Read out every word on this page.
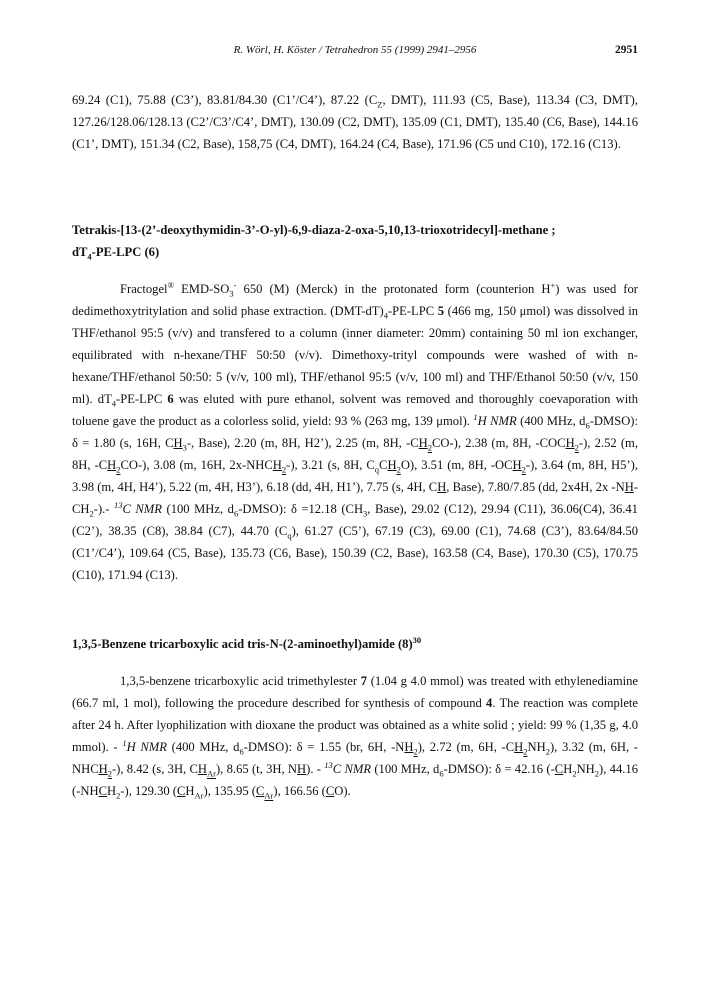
R. Wörl, H. Köster / Tetrahedron 55 (1999) 2941–2956	2951
69.24 (C1), 75.88 (C3’), 83.81/84.30 (C1’/C4’), 87.22 ($C_Z$, DMT), 111.93 (C5, Base), 113.34 (C3, DMT), 127.26/128.06/128.13 (C2’/C3’/C4’, DMT), 130.09 (C2, DMT), 135.09 (C1, DMT), 135.40 (C6, Base), 144.16 (C1’, DMT), 151.34 (C2, Base), 158,75 (C4, DMT), 164.24 (C4, Base), 171.96 (C5 und C10), 172.16 (C13).
Tetrakis-[13-(2’-deoxythymidin-3’-O-yl)-6,9-diaza-2-oxa-5,10,13-trioxotridecyl]-methane ;
$dT_4-PE$-LPC (6)
Fractogel® EMD-$SO_3^-$ 650 (M) (Merck) in the protonated form (counterion H+) was used for dedimethoxytritylation and solid phase extraction. $(DMT-dT)_4-PE$-LPC 5 (466 mg, 150 μmol) was dissolved in THF/ethanol 95:5 (v/v) and transfered to a column (inner diameter: 20mm) containing 50 ml ion exchanger, equilibrated with n-hexane/THF 50:50 (v/v). Dimethoxy-trityl compounds were washed of with n-hexane/THF/ethanol 50:50: 5 (v/v, 100 ml), THF/ethanol 95:5 (v/v, 100 ml) and THF/Ethanol 50:50 (v/v, 150 ml). $dT_4-PE$-LPC 6 was eluted with pure ethanol, solvent was removed and thoroughly coevaporation with toluene gave the product as a colorless solid, yield: 93 % (263 mg, 139 μmol). $^1$H NMR (400 MHz, $d_6-DMSO$): δ = 1.80 (s, 16H, $CH_3-$, Base), 2.20 (m, 8H, H2’), 2.25 (m, 8H, $-CH_2CO-$), 2.38 (m, 8H, $-COCH_2-$), 2.52 (m, 8H, $-CH_2CO-$), 3.08 (m, 16H, $2x-NHCH_2-$), 3.21 (s, 8H, $C_qCH_2O$), 3.51 (m, 8H, $-OCH_2-$), 3.64 (m, 8H, H5’), 3.98 (m, 4H, H4’), 5.22 (m, 4H, H3’), 6.18 (dd, 4H, H1’), 7.75 (s, 4H, CH, Base), 7.80/7.85 (dd, 2x4H, 2x $-NH-CH_2-).-$ $^{13}$C NMR (100 MHz, $d_6-DMSO$): δ =12.18 ($CH_3$, Base), 29.02 (C12), 29.94 (C11), 36.06(C4), 36.41 (C2’), 38.35 (C8), 38.84 (C7), 44.70 $(C_q)$, 61.27 (C5’), 67.19 (C3), 69.00 (C1), 74.68 (C3’), 83.64/84.50 (C1’/C4’), 109.64 (C5, Base), 135.73 (C6, Base), 150.39 (C2, Base), 163.58 (C4, Base), 170.30 (C5), 170.75 (C10), 171.94 (C13).
1,3,5-Benzene tricarboxylic acid tris-N-(2-aminoethyl)amide $(8)^{30}$
1,3,5-benzene tricarboxylic acid trimethylester 7 (1.04 g 4.0 mmol) was treated with ethylenediamine (66.7 ml, 1 mol), following the procedure described for synthesis of compound 4. The reaction was complete after 24 h. After lyophilization with dioxane the product was obtained as a white solid ; yield: 99 % (1,35 g, 4.0 mmol). - $^1$H NMR (400 MHz, $d_6-DMSO$): δ = 1.55 (br, 6H, $-NH_2$), 2.72 (m, 6H, $-CH_2NH_2$), 3.32 (m, 6H, $-NHCH_2-$), 8.42 (s, 3H, $CH_{Ar}$), 8.65 (t, 3H, NH). - $^{13}$C NMR (100 MHz, $d_6-DMSO$): δ = 42.16 $(-CH_2NH_2)$, 44.16 $(-NHCH_2-)$, 129.30 $(CH_{Ar})$, 135.95 $(C_{Ar})$, 166.56 (CO).
